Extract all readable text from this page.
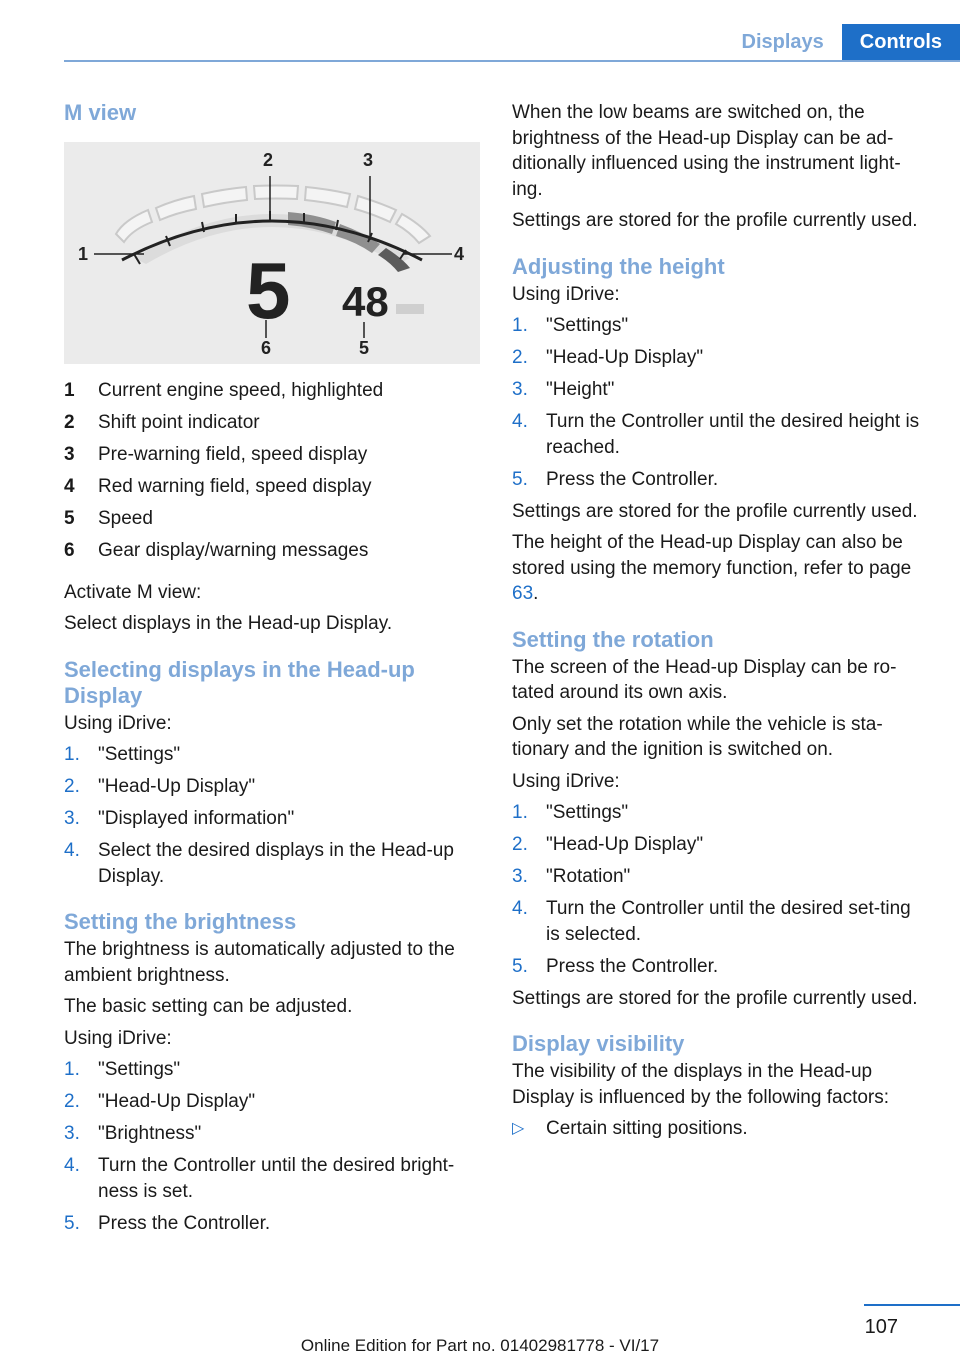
Displays	Controls
M view
1
2	3
4
5
6
5 48
1 Current engine speed, highlighted
2 Shift point indicator
3 Pre-warning field, speed display
4 Red warning field, speed display
5 Speed
6 Gear display/warning messages

Activate M view:

Select displays in the Head-up Display.

Selecting displays in the Head-up Display

Using iDrive:

1. "Settings"
2. "Head-Up Display"
3. "Displayed information"
4. Select the desired displays in the Head-up Display.
Setting the brightness

The brightness is automatically adjusted to the ambient brightness.

The basic setting can be adjusted.

Using iDrive:

1. "Settings"
2. "Head-Up Display"
3. "Brightness"
4. Turn the Controller until the desired bright‐ness is set.
5. Press the Controller.

When the low beams are switched on, the brightness of the Head-up Display can be ad‐ditionally influenced using the instrument light‐ing.

Settings are stored for the profile currently used.

Adjusting the height

Using iDrive:

1. "Settings"
2. "Head-Up Display"
3. "Height"
4. Turn the Controller until the desired height is reached.
5. Press the Controller.

Settings are stored for the profile currently used.

The height of the Head-up Display can also be stored using the memory function, refer to page 63.

Setting the rotation

The screen of the Head-up Display can be ro‐tated around its own axis.

Only set the rotation while the vehicle is sta‐tionary and the ignition is switched on.

Using iDrive:

1. "Settings"
2. "Head-Up Display"
3. "Rotation"
4. Turn the Controller until the desired set‐ting is selected.
5. Press the Controller.

Settings are stored for the profile currently used.

Display visibility

The visibility of the displays in the Head-up Display is influenced by the following factors:

▷ Certain sitting positions.
107
Online Edition for Part no. 01402981778 - VI/17
